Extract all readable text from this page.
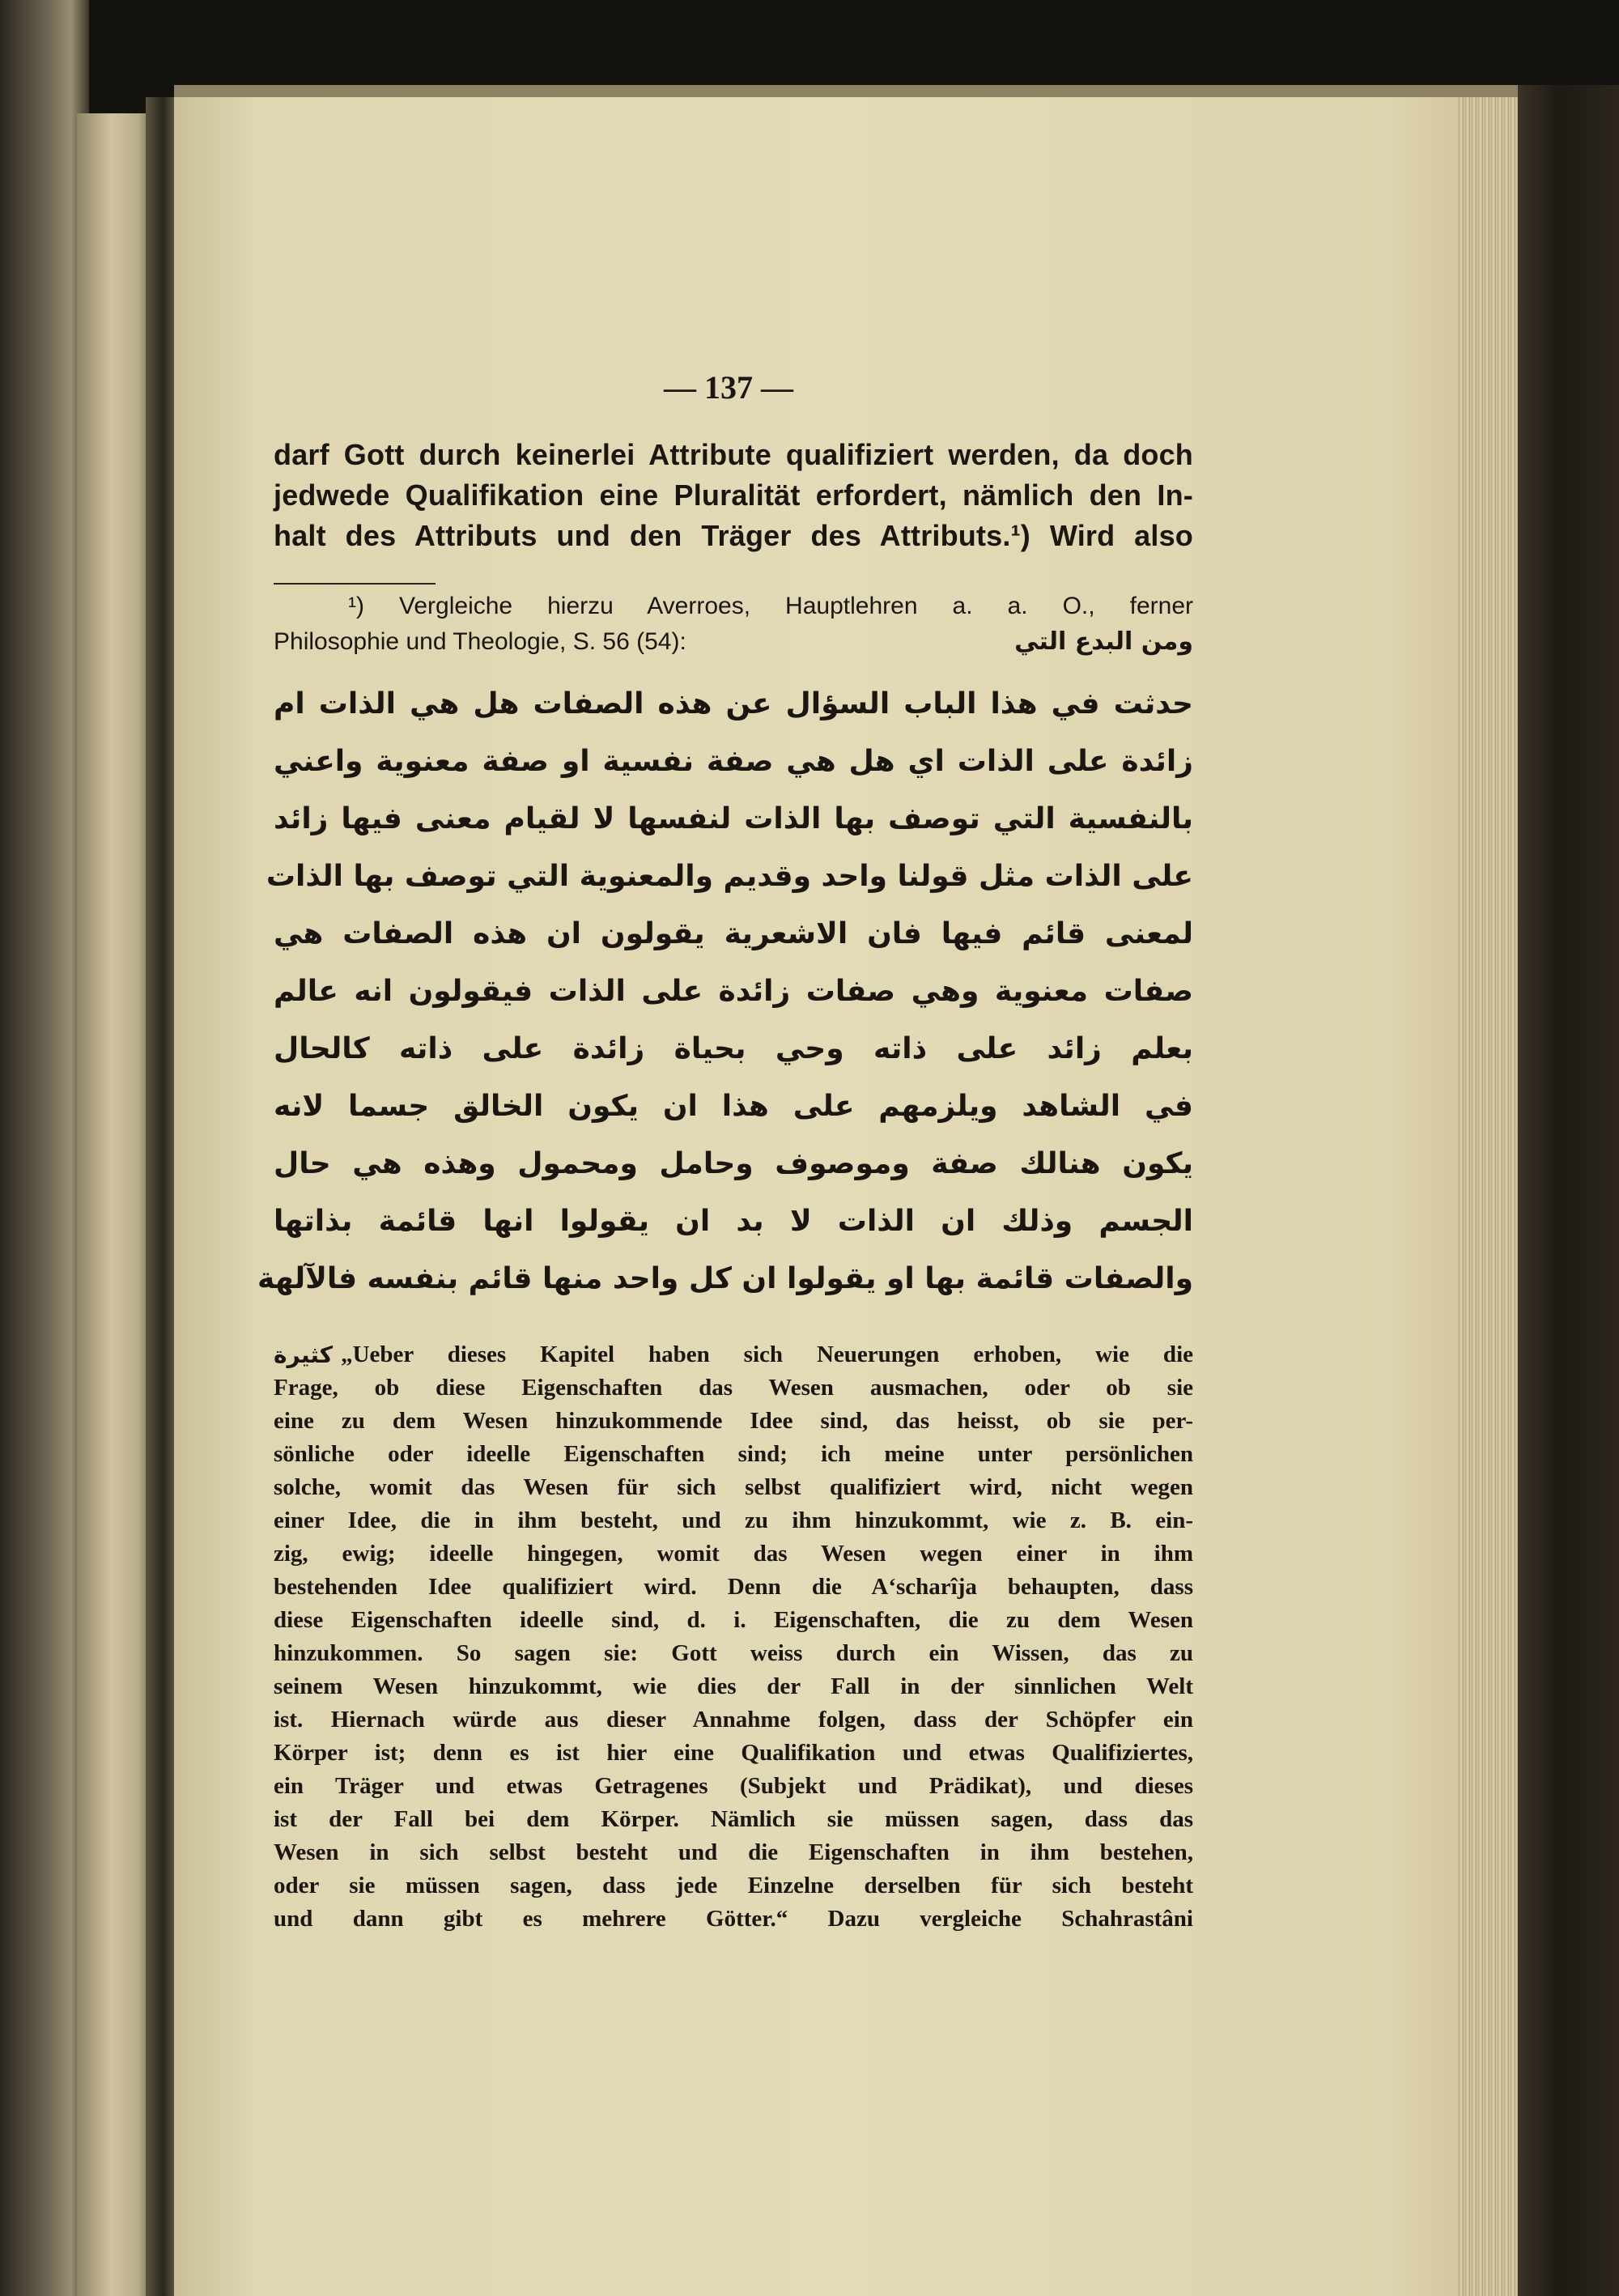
— 137 —
darf Gott durch keinerlei Attribute qualifiziert werden, da doch
jedwede Qualifikation eine Pluralität erfordert, nämlich den In-
halt des Attributs und den Träger des Attributs.¹) Wird also
¹) Vergleiche hierzu Averroes, Hauptlehren a. a. O., ferner
Philosophie und Theologie, S. 56 (54):	ومن البدع التي
حدثت في هذا الباب السؤال عن هذه الصفات هل هي الذات ام
زائدة على الذات اي هل هي صفة نفسية او صفة معنوية واعني
بالنفسية التي توصف بها الذات لنفسها لا لقيام معنى فيها زائد
على الذات مثل قولنا واحد وقديم والمعنوية التي توصف بها الذات
لمعنى قائم فيها فان الاشعرية يقولون ان هذه الصفات هي
صفات معنوية وهي صفات زائدة على الذات فيقولون انه عالم
بعلم زائد على ذاته وحي بحياة زائدة على ذاته كالحال
في الشاهد ويلزمهم على هذا ان يكون الخالق جسما لانه
يكون هنالك صفة وموصوف وحامل ومحمول وهذه هي حال
الجسم وذلك ان الذات لا بد ان يقولوا انها قائمة بذاتها
والصفات قائمة بها او يقولوا ان كل واحد منها قائم بنفسه فالآلهة
كثيرة „Ueber dieses Kapitel haben sich Neuerungen erhoben, wie die
Frage, ob diese Eigenschaften das Wesen ausmachen, oder ob sie
eine zu dem Wesen hinzukommende Idee sind, das heisst, ob sie per-
sönliche oder ideelle Eigenschaften sind; ich meine unter persönlichen
solche, womit das Wesen für sich selbst qualifiziert wird, nicht wegen
einer Idee, die in ihm besteht, und zu ihm hinzukommt, wie z. B. ein-
zig, ewig; ideelle hingegen, womit das Wesen wegen einer in ihm
bestehenden Idee qualifiziert wird. Denn die A‘scharîja behaupten, dass
diese Eigenschaften ideelle sind, d. i. Eigenschaften, die zu dem Wesen
hinzukommen. So sagen sie: Gott weiss durch ein Wissen, das zu
seinem Wesen hinzukommt, wie dies der Fall in der sinnlichen Welt
ist. Hiernach würde aus dieser Annahme folgen, dass der Schöpfer ein
Körper ist; denn es ist hier eine Qualifikation und etwas Qualifiziertes,
ein Träger und etwas Getragenes (Subjekt und Prädikat), und dieses
ist der Fall bei dem Körper. Nämlich sie müssen sagen, dass das
Wesen in sich selbst besteht und die Eigenschaften in ihm bestehen,
oder sie müssen sagen, dass jede Einzelne derselben für sich besteht
und dann gibt es mehrere Götter.“ Dazu vergleiche Schahrastâni
